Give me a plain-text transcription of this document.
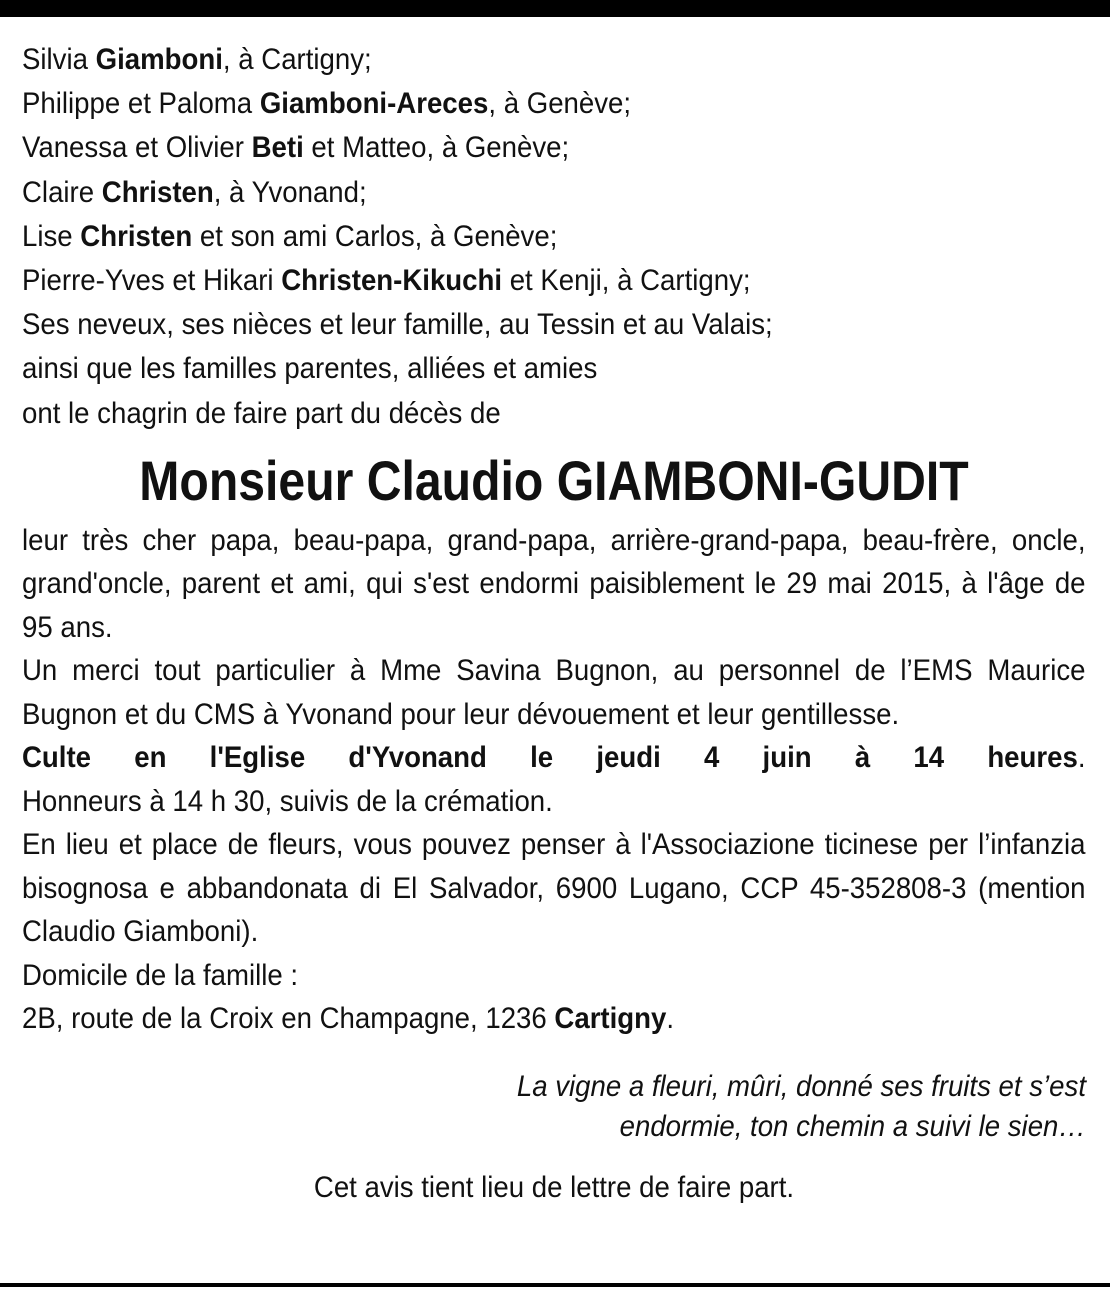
Silvia Giamboni, à Cartigny;
Philippe et Paloma Giamboni-Areces, à Genève;
Vanessa et Olivier Beti et Matteo, à Genève;
Claire Christen, à Yvonand;
Lise Christen et son ami Carlos, à Genève;
Pierre-Yves et Hikari Christen-Kikuchi et Kenji, à Cartigny;
Ses neveux, ses nièces et leur famille, au Tessin et au Valais;
ainsi que les familles parentes, alliées et amies
ont le chagrin de faire part du décès de
Monsieur Claudio GIAMBONI-GUDIT
leur très cher papa, beau-papa, grand-papa, arrière-grand-papa, beau-frère, oncle, grand'oncle, parent et ami, qui s'est endormi paisiblement le 29 mai 2015, à l'âge de 95 ans.
Un merci tout particulier à Mme Savina Bugnon, au personnel de l’EMS Maurice Bugnon et du CMS à Yvonand pour leur dévouement et leur gentillesse.
Culte en l'Eglise d'Yvonand le jeudi 4 juin à 14 heures.
Honneurs à 14 h 30, suivis de la crémation.
En lieu et place de fleurs, vous pouvez penser à l'Associazione ticinese per l’infanzia bisognosa e abbandonata di El Salvador, 6900 Lugano, CCP 45-352808-3 (mention Claudio Giamboni).
Domicile de la famille :
2B, route de la Croix en Champagne, 1236 Cartigny.
La vigne a fleuri, mûri, donné ses fruits et s’est
endormie, ton chemin a suivi le sien…
Cet avis tient lieu de lettre de faire part.
